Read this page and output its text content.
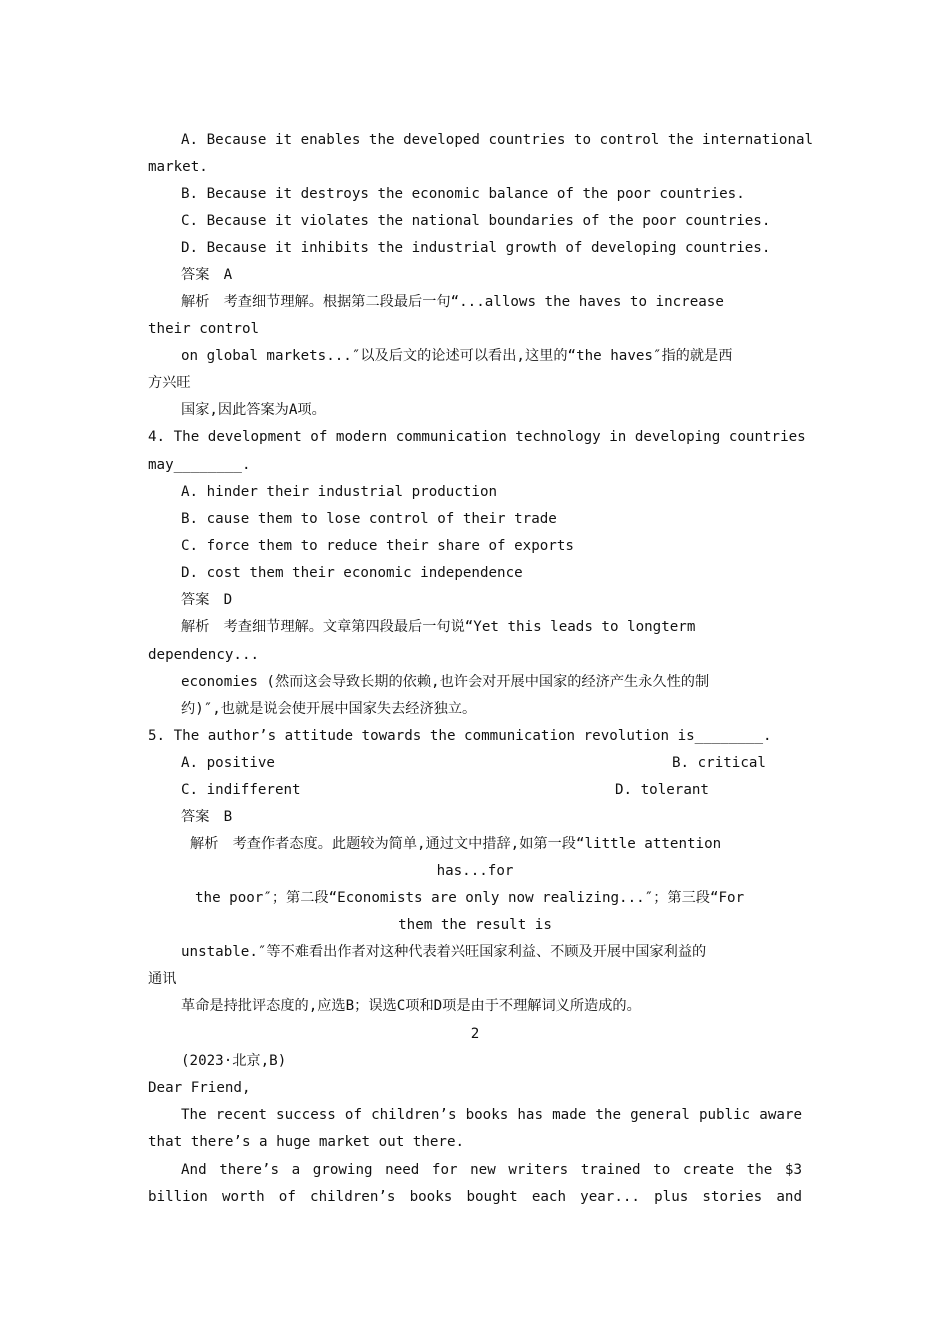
A. Because it enables the developed countries to control the international
market.
B. Because it destroys the economic balance of the poor countries.
C. Because it violates the national boundaries of the poor countries.
D. Because it inhibits the industrial growth of developing countries.
答案　A
解析　考查细节理解。根据第二段最后一句“...allows the haves to increase
their control
on global markets...″以及后文的论述可以看出,这里的“the haves″指的就是西
方兴旺
国家,因此答案为A项。
4. The development of modern communication technology in developing countries
may________.
A. hinder their industrial production
B. cause them to lose control of their trade
C. force them to reduce their share of exports
D. cost them their economic independence
答案　D
解析　考查细节理解。文章第四段最后一句说“Yet this leads to longterm
dependency...
economies (然而这会导致长期的依赖,也许会对开展中国家的经济产生永久性的制
约)″,也就是说会使开展中国家失去经济独立。
5. The author’s attitude towards the communication revolution is________.
A. positive	B. critical
C. indifferent	D. tolerant
答案　B
解析　考查作者态度。此题较为简单,通过文中措辞,如第一段“little attention
has...for
the poor″；第二段“Economists are only now realizing...″；第三段“For
them the result is
unstable.″等不难看出作者对这种代表着兴旺国家利益、不顾及开展中国家利益的
通讯
革命是持批评态度的,应选B；误选C项和D项是由于不理解词义所造成的。
2
(2023·北京,B)
Dear Friend,
The recent success of children’s books has made the general public aware
that there’s a huge market out there.
And there’s a growing need for new writers trained to create the $3
billion worth of children’s books bought each year... plus stories and
